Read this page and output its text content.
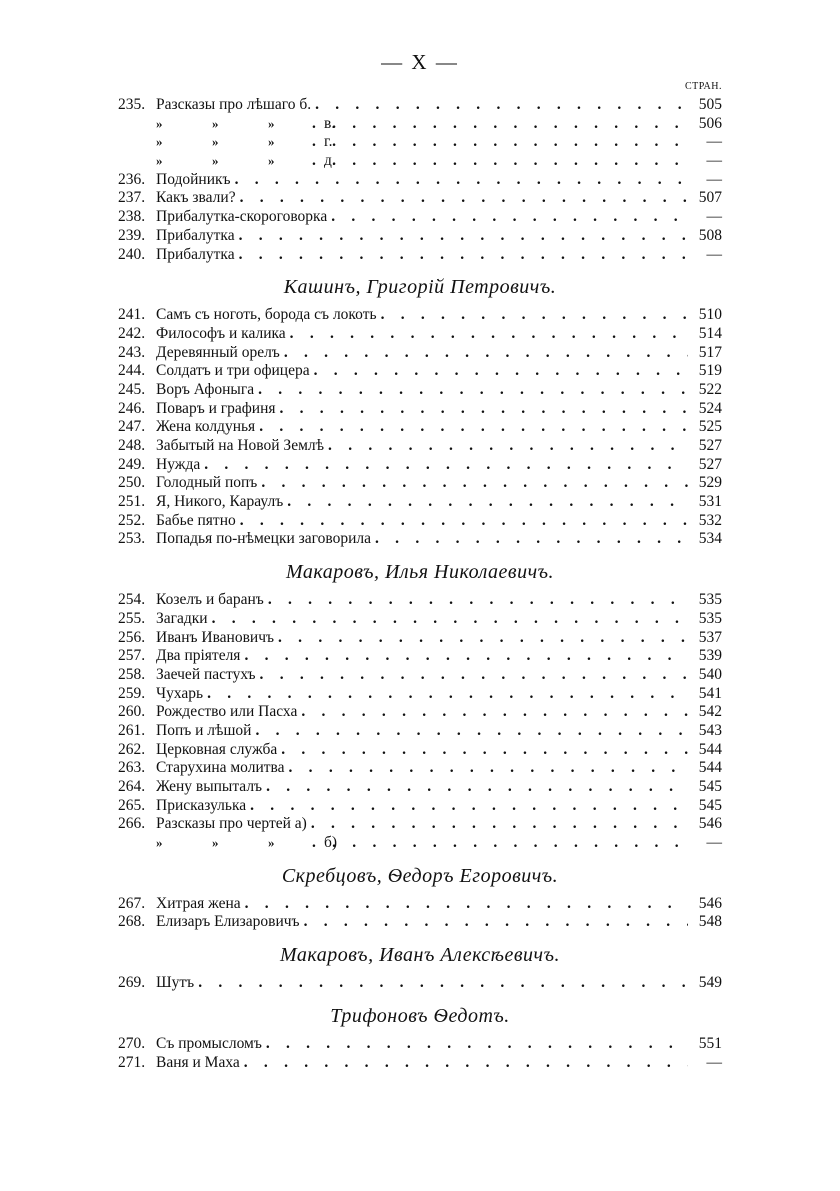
— X —
СТРАН.
235. Разсказы про лѣшаго б. . . .	505
»	»	»	в. . . .	506
»	»	»	г. . . .	—
»	»	»	д. . . .	—
236. Подойникъ . . .	—
237. Какъ звали? . . .	507
238. Прибалутка-скороговорка . . .	—
239. Прибалутка . . .	508
240. Прибалутка . . .	—
Кашинъ, Григорій Петровичъ.
241. Самъ съ ноготь, борода съ локоть . . .	510
242. Философъ и калика . . .	514
243. Деревянный орелъ . . .	517
244. Солдатъ и три офицера . . .	519
245. Воръ Афоныга . . .	522
246. Поваръ и графиня . . .	524
247. Жена колдунья . . .	525
248. Забытый на Новой Землѣ . . .	527
249. Нужда . . .	527
250. Голодный попъ . . .	529
251. Я, Никого, Караулъ . . .	531
252. Бабье пятно . . .	532
253. Попадья по-нѣмецки заговорила . . .	534
Макаровъ, Илья Николаевичъ.
254. Козелъ и баранъ . . .	535
255. Загадки . . .	535
256. Иванъ Ивановичъ . . .	537
257. Два пріятеля . . .	539
258. Заечей пастухъ . . .	540
259. Чухарь . . .	541
260. Рождество или Пасха . . .	542
261. Попъ и лѣшой . . .	543
262. Церковная служба . . .	544
263. Старухина молитва . . .	544
264. Жену выпыталъ . . .	545
265. Присказулька . . .	545
266. Разсказы про чертей а) . . .	546
»	»	»	б) . . .	—
Скребцовъ, Ѳедоръ Егоровичъ.
267. Хитрая жена . . .	546
268. Елизаръ Елизаровичъ . . .	548
Макаровъ, Иванъ Алексѣевичъ.
269. Шутъ . . .	549
Трифоновъ Ѳедотъ.
270. Съ промысломъ . . .	551
271. Ваня и Маха . . .	—
